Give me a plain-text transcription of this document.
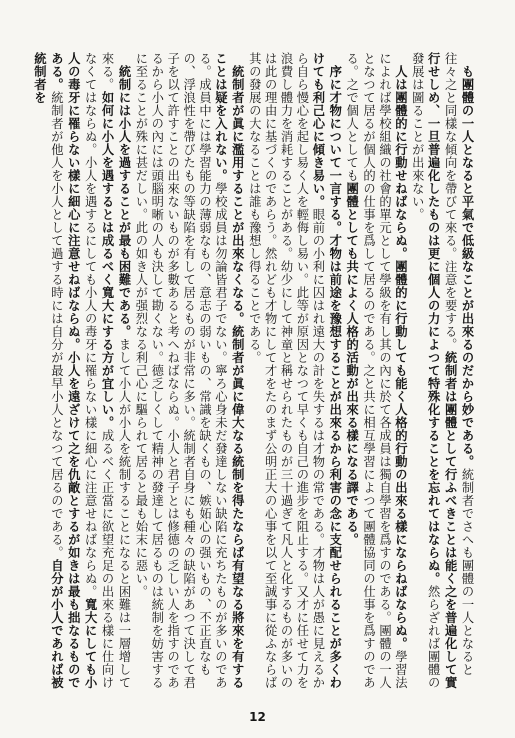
　も團體の一人となると平氣で低級なことが出來るのだから妙である。統制者でさへも團體の一人となると往々之と同樣な傾向を帶びて來る。注意を要する。統制者は團體として行ふべきことは能く之を普遍化して實行せしめ、一旦普遍化したものは更に個人の力によつて特殊化することを忘れてはならぬ。然らざれば團體の發展は圖ることが出來ない。

　人は團體的に行動せねばならぬ。團體的に行動しても能く人格的行動の出來る樣にならねばならぬ。學習法によれば學校組織の社會的單元として學級を有し其の內に於て各成員は獨自學習を爲すのである。團體の一人となつて居るが個人的の仕事を爲して居るのである。之と共に相互學習によつて團體協同の仕事を爲すのである。之で個人としても團體としても共によく人格的活動が出來る樣になる譯である。

　序に才物について一言する。才物は前途を豫想することが出來るから利害の念に支配せられることが多くわけても利己心に傾き易い。眼前の小利に囚はれ遠大の計を失するは才物の常である。才物は人が愚に見えるから自ら慢心を起し易く人を輕侮し易い。此等が原因となつて早くも自己の進步を阻止する。又才に任せて力を浪費し體力を消耗することがある。幼少にして神童と稱せられたものが三十過ぎて凡人と化するものが多いのは此の理由に基づくのであらう。然れども才物にして才をたのまず公明正大の心事を以て至誠事に從ふならば其の發展の大なることは誰も豫想し得ることである。

　統制者が眞に濫用することが出來なくなる。統制者が眞に偉大なる統制を得たならば有望なる將來を有することは疑を入れない。學校成員は勿論皆君子でない。寧ろ心身未だ發達しない缺陷に充ちたものが多いのである。成員中には學習能力の薄弱なもの、意志の弱いもの、常識を缺くもの、嫉妬心の强いもの、不正直なもの、浮浪性を帶びたもの等缺陷を有して居るものが非常に多い。統制者自身にも種々の缺陷があつて決して君子を以て許すことの出來ないものが多數あると考へねばならぬ。小人と君子とは修德の乏しい人を指すのであるから小人の內には頭腦明晰の人も決して勘くない。德乏しくして精神の發達して居るものは統制を妨害するに至ることが殊に甚だしい。此の如き人が强烈なる利己心に驅られて居ると最も始末に惡い。

　統制には小人を過することが最も困難である。まして小人が小人を統制することになると困難は一層增して來る。如何に小人を遇するとは成るべく寬大にする方が宜しい。成るべく正當に欲望充足の出來る樣に仕向けなくてはならぬ。小人を遇するにしても小人の毒牙に罹らない樣に細心に注意せねばならぬ。寬大にしても小人の毒牙に罹らない樣に細心に注意せねばならぬ。小人を遠ざけて之を仇敵とするが如きは最も拙なるものである。統制者が他人を小人として過する時には自分が最早小人となつて居るのである。自分が小人であれば被統制者を

12
